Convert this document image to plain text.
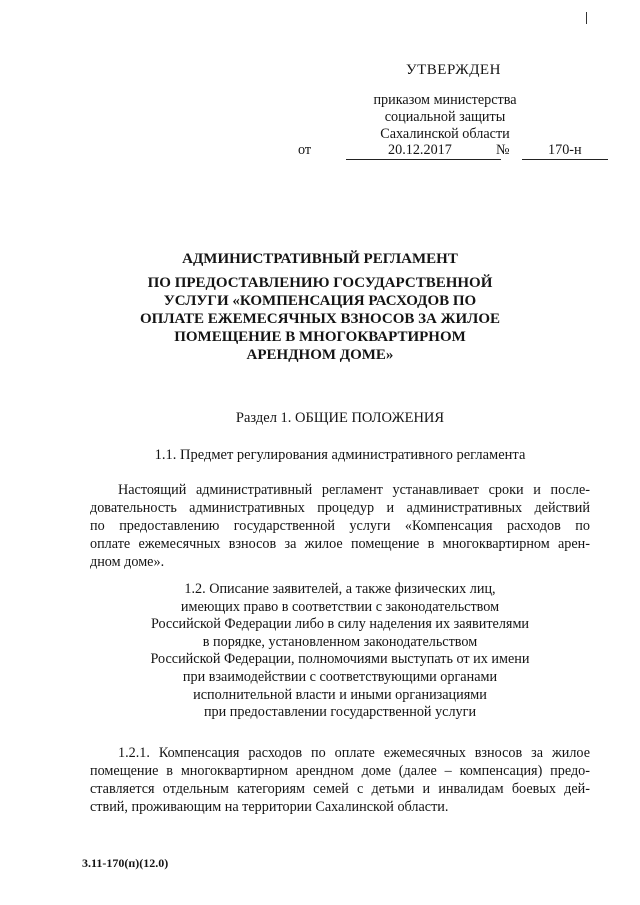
УТВЕРЖДЕН
приказом министерства
социальной защиты
Сахалинской области
от	20.12.2017	№	170-н
АДМИНИСТРАТИВНЫЙ РЕГЛАМЕНТ
ПО ПРЕДОСТАВЛЕНИЮ ГОСУДАРСТВЕННОЙ
УСЛУГИ «КОМПЕНСАЦИЯ РАСХОДОВ ПО
ОПЛАТЕ ЕЖЕМЕСЯЧНЫХ ВЗНОСОВ ЗА ЖИЛОЕ
ПОМЕЩЕНИЕ В МНОГОКВАРТИРНОМ
АРЕНДНОМ ДОМЕ»
Раздел 1. ОБЩИЕ ПОЛОЖЕНИЯ
1.1. Предмет регулирования административного регламента
Настоящий административный регламент устанавливает сроки и после-
довательность административных процедур и административных действий
по предоставлению государственной услуги «Компенсация расходов по
оплате ежемесячных взносов за жилое помещение в многоквартирном арен-
дном доме».
1.2. Описание заявителей, а также физических лиц,
имеющих право в соответствии с законодательством
Российской Федерации либо в силу наделения их заявителями
в порядке, установленном законодательством
Российской Федерации, полномочиями выступать от их имени
при взаимодействии с соответствующими органами
исполнительной власти и иными организациями
при предоставлении государственной услуги
1.2.1. Компенсация расходов по оплате ежемесячных взносов за жилое
помещение в многоквартирном арендном доме (далее – компенсация) предо-
ставляется отдельным категориям семей с детьми и инвалидам боевых дей-
ствий, проживающим на территории Сахалинской области.
3.11-170(п)(12.0)
